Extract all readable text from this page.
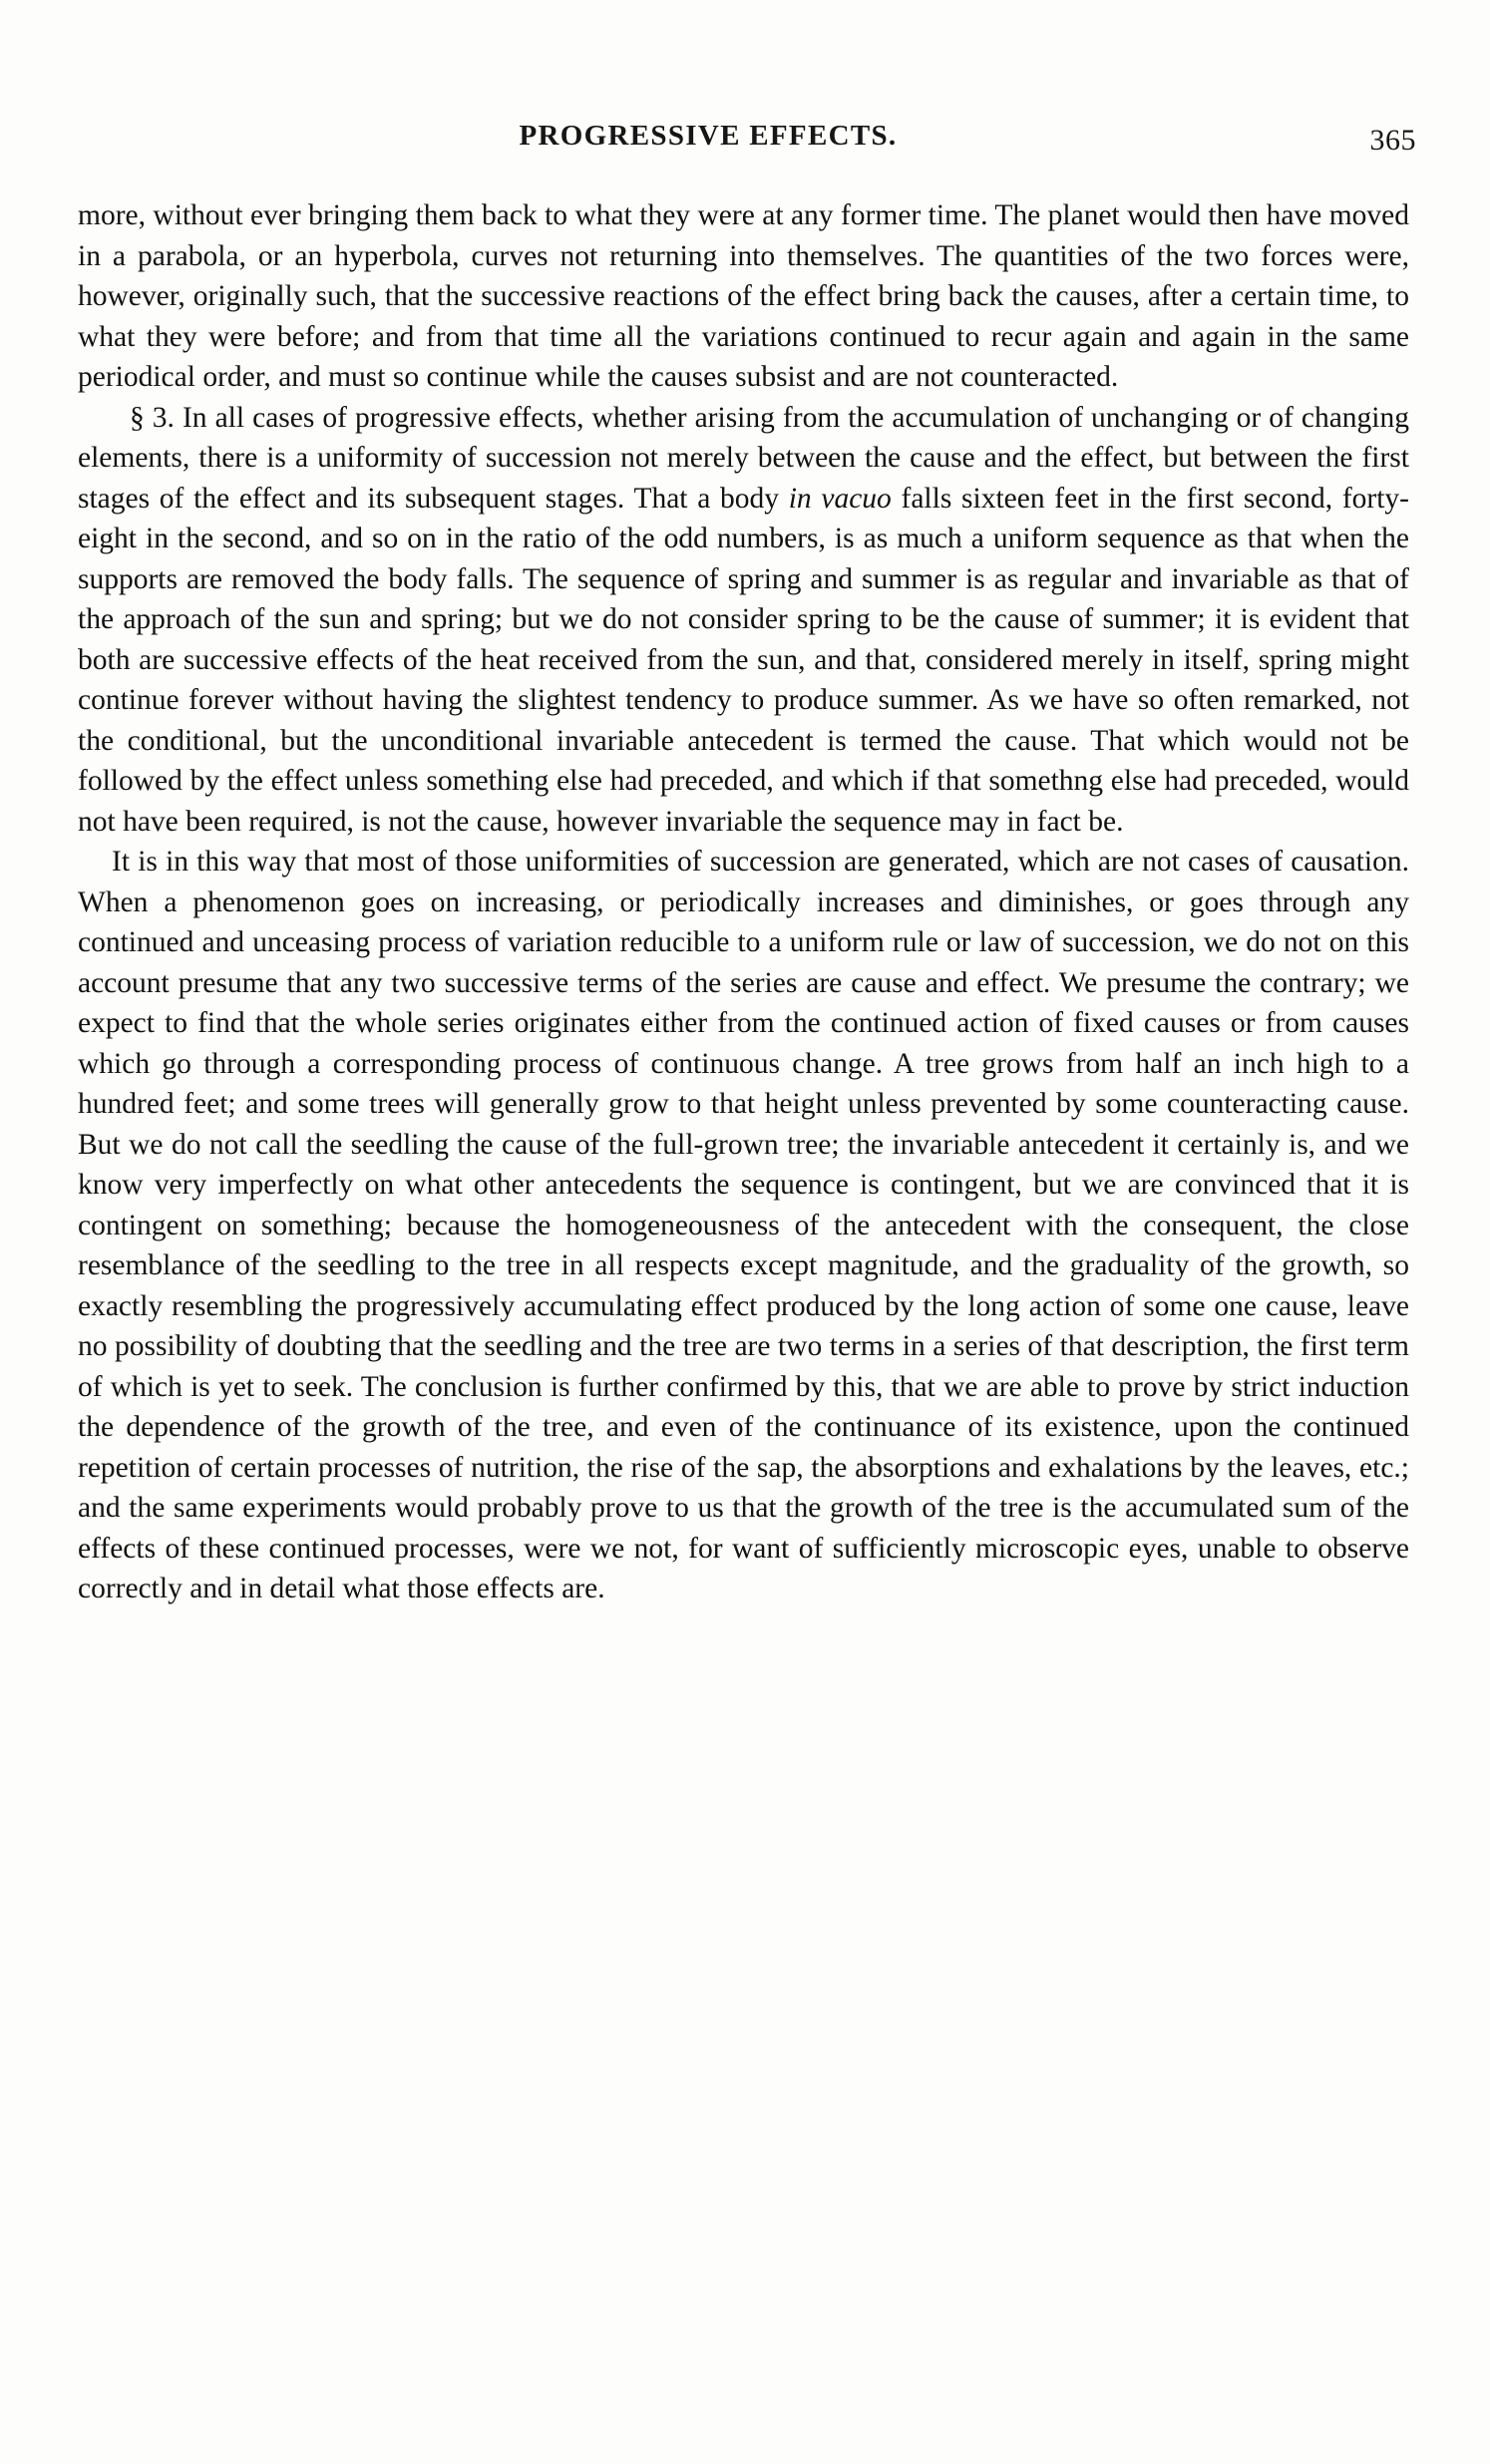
PROGRESSIVE EFFECTS.	365

more, without ever bringing them back to what they were at any former time. The planet would then have moved in a parabola, or an hyperbola, curves not returning into themselves. The quantities of the two forces were, however, originally such, that the successive reactions of the effect bring back the causes, after a certain time, to what they were before; and from that time all the variations continued to recur again and again in the same periodical order, and must so continue while the causes subsist and are not counteracted.

§ 3. In all cases of progressive effects, whether arising from the accumulation of unchanging or of changing elements, there is a uniformity of succession not merely between the cause and the effect, but between the first stages of the effect and its subsequent stages. That a body in vacuo falls sixteen feet in the first second, forty-eight in the second, and so on in the ratio of the odd numbers, is as much a uniform sequence as that when the supports are removed the body falls. The sequence of spring and summer is as regular and invariable as that of the approach of the sun and spring; but we do not consider spring to be the cause of summer; it is evident that both are successive effects of the heat received from the sun, and that, considered merely in itself, spring might continue forever without having the slightest tendency to produce summer. As we have so often remarked, not the conditional, but the unconditional invariable antecedent is termed the cause. That which would not be followed by the effect unless something else had preceded, and which if that somethng else had preceded, would not have been required, is not the cause, however invariable the sequence may in fact be.

It is in this way that most of those uniformities of succession are generated, which are not cases of causation. When a phenomenon goes on increasing, or periodically increases and diminishes, or goes through any continued and unceasing process of variation reducible to a uniform rule or law of succession, we do not on this account presume that any two successive terms of the series are cause and effect. We presume the contrary; we expect to find that the whole series originates either from the continued action of fixed causes or from causes which go through a corresponding process of continuous change. A tree grows from half an inch high to a hundred feet; and some trees will generally grow to that height unless prevented by some counteracting cause. But we do not call the seedling the cause of the full-grown tree; the invariable antecedent it certainly is, and we know very imperfectly on what other antecedents the sequence is contingent, but we are convinced that it is contingent on something; because the homogeneousness of the antecedent with the consequent, the close resemblance of the seedling to the tree in all respects except magnitude, and the graduality of the growth, so exactly resembling the progressively accumulating effect produced by the long action of some one cause, leave no possibility of doubting that the seedling and the tree are two terms in a series of that description, the first term of which is yet to seek. The conclusion is further confirmed by this, that we are able to prove by strict induction the dependence of the growth of the tree, and even of the continuance of its existence, upon the continued repetition of certain processes of nutrition, the rise of the sap, the absorptions and exhalations by the leaves, etc.; and the same experiments would probably prove to us that the growth of the tree is the accumulated sum of the effects of these continued processes, were we not, for want of sufficiently microscopic eyes, unable to observe correctly and in detail what those effects are.
